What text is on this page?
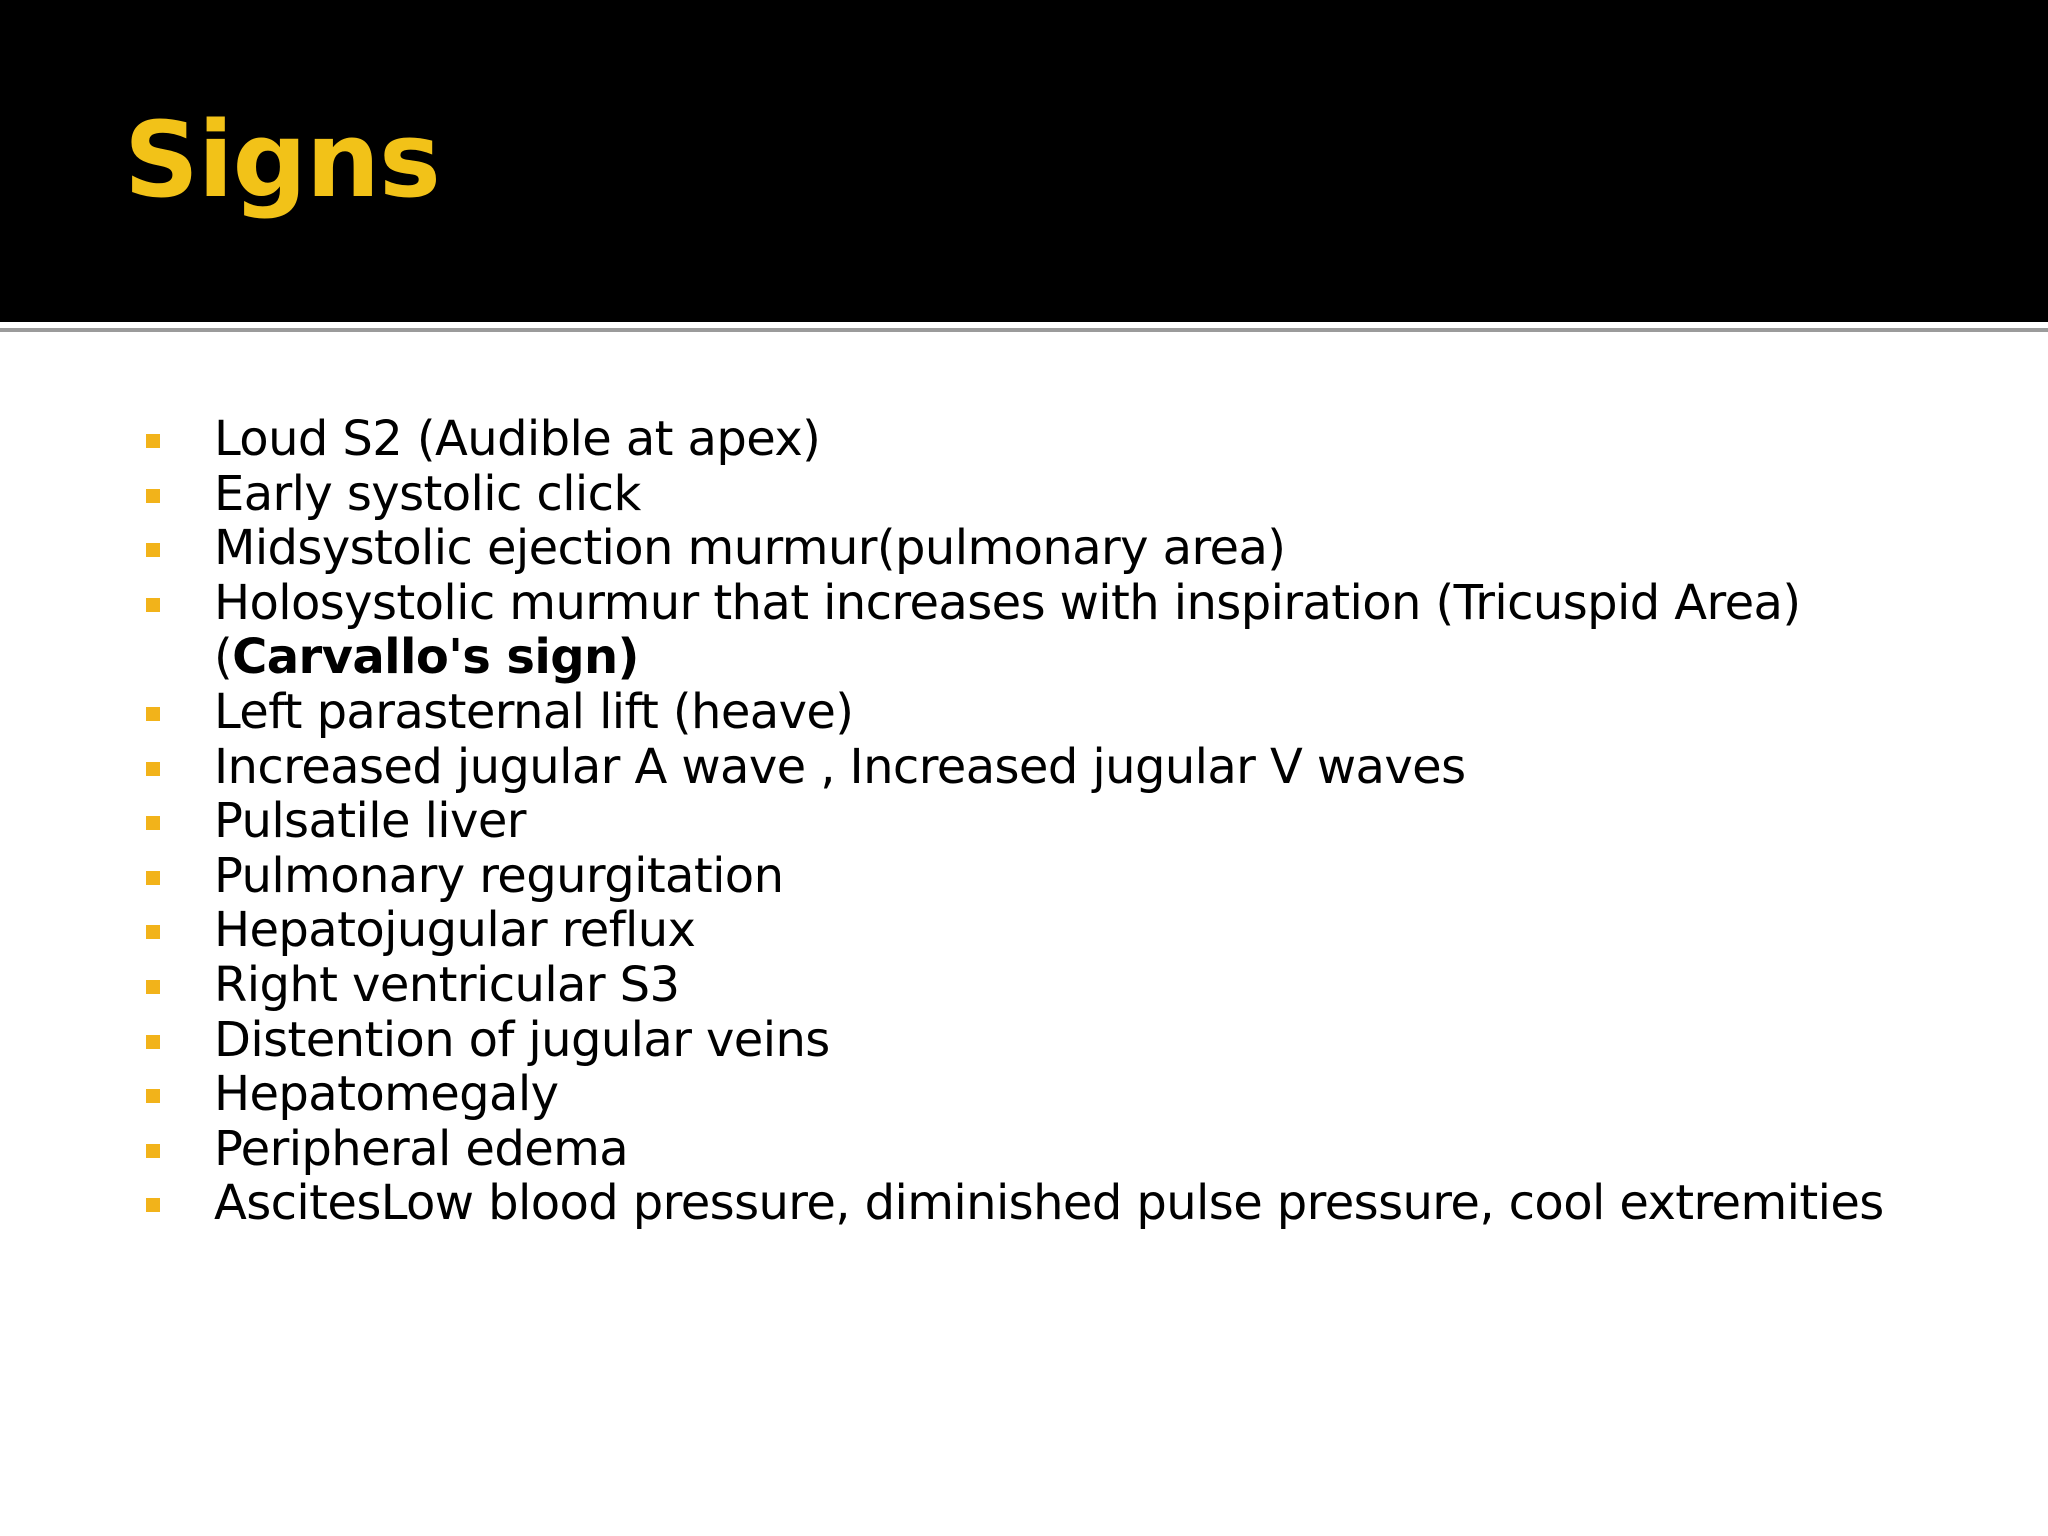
Signs
Loud S2 (Audible at apex)
Early systolic click
Midsystolic ejection murmur(pulmonary area)
Holosystolic murmur that increases with inspiration (Tricuspid Area)(Carvallo's sign)
Left parasternal lift (heave)
Increased jugular A wave , Increased jugular V waves
Pulsatile liver
Pulmonary regurgitation
Hepatojugular reflux
Right ventricular S3
Distention of jugular veins
Hepatomegaly
Peripheral edema
AscitesLow blood pressure, diminished pulse pressure, cool extremities
